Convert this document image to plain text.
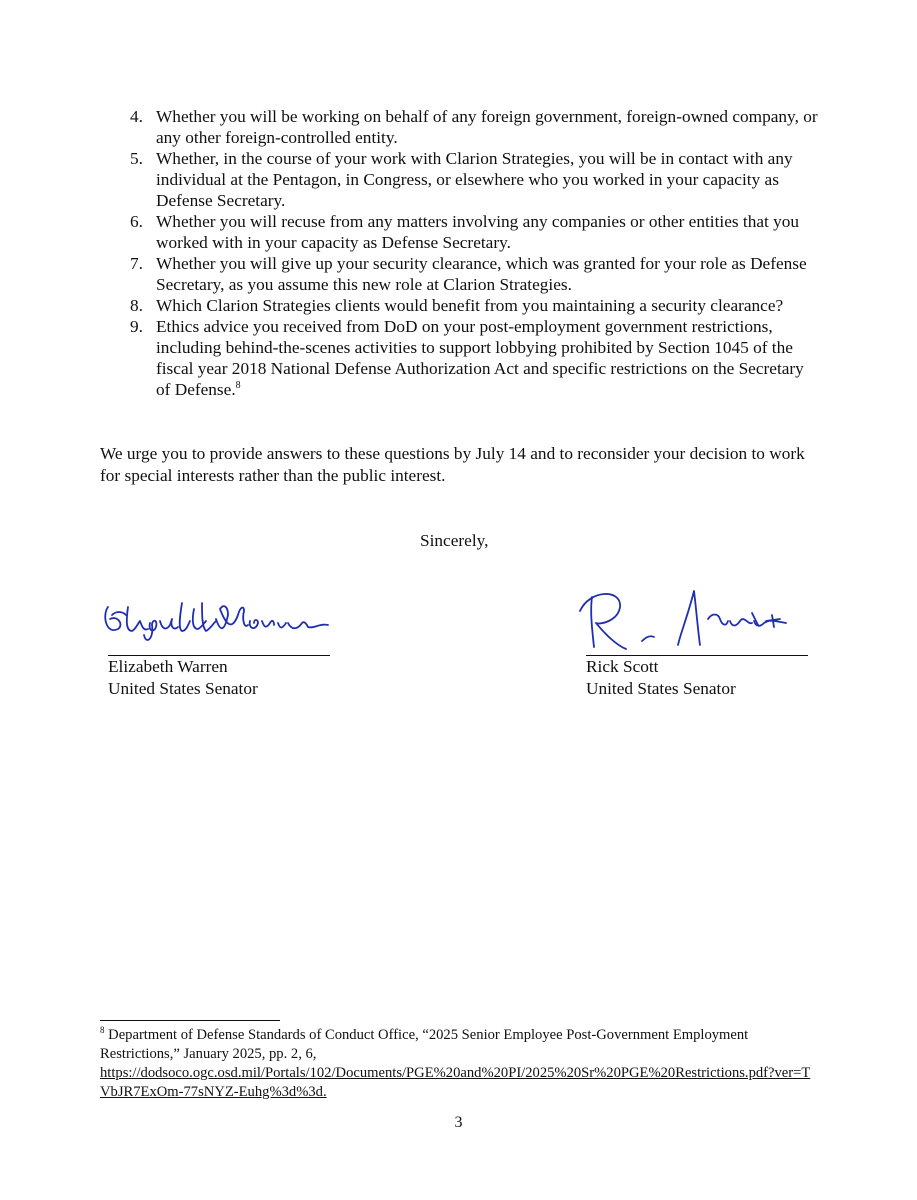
4. Whether you will be working on behalf of any foreign government, foreign-owned company, or any other foreign-controlled entity.
5. Whether, in the course of your work with Clarion Strategies, you will be in contact with any individual at the Pentagon, in Congress, or elsewhere who you worked in your capacity as Defense Secretary.
6. Whether you will recuse from any matters involving any companies or other entities that you worked with in your capacity as Defense Secretary.
7. Whether you will give up your security clearance, which was granted for your role as Defense Secretary, as you assume this new role at Clarion Strategies.
8. Which Clarion Strategies clients would benefit from you maintaining a security clearance?
9. Ethics advice you received from DoD on your post-employment government restrictions, including behind-the-scenes activities to support lobbying prohibited by Section 1045 of the fiscal year 2018 National Defense Authorization Act and specific restrictions on the Secretary of Defense.$^8$

We urge you to provide answers to these questions by July 14 and to reconsider your decision to work for special interests rather than the public interest.

Sincerely,

Elizabeth Warren
United States Senator
Rick Scott
United States Senator

$^8$ Department of Defense Standards of Conduct Office, “2025 Senior Employee Post-Government Employment Restrictions,” January 2025, pp. 2, 6,
https://dodsoco.ogc.osd.mil/Portals/102/Documents/PGE%20and%20PI/2025%20Sr%20PGE%20Restrictions.pdf?ver=TVbJR7ExOm-77sNYZ-Euhg%3d%3d.

3
